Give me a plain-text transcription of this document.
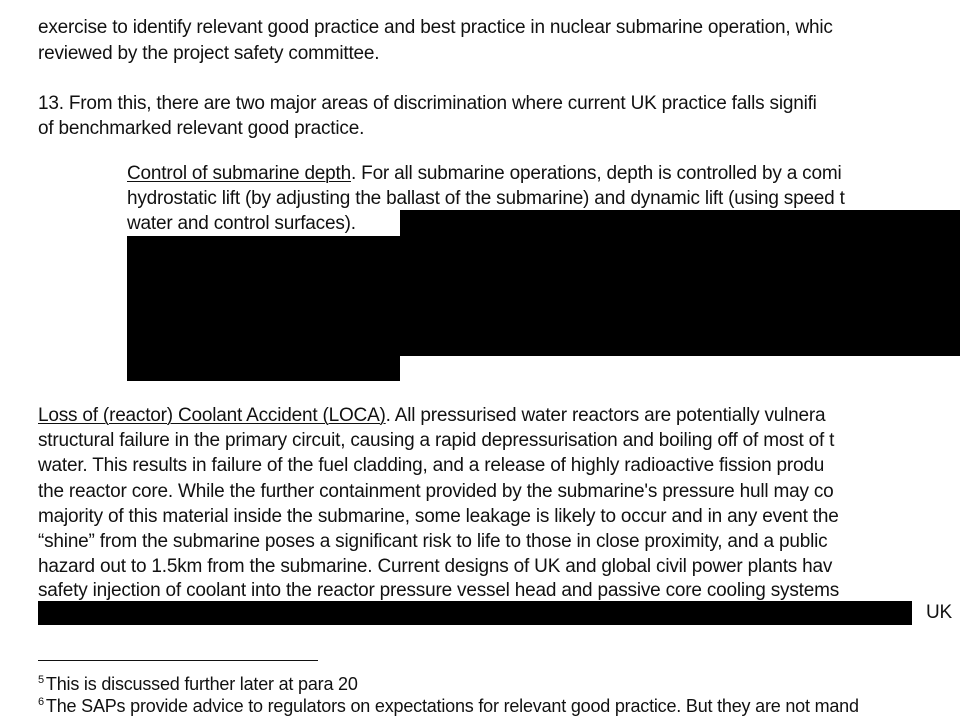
exercise to identify relevant good practice and best practice in nuclear submarine operation, whic
reviewed by the project safety committee.
13. From this, there are two major areas of discrimination where current UK practice falls signifi
of benchmarked relevant good practice.
Control of submarine depth. For all submarine operations, depth is controlled by a comi
hydrostatic lift (by adjusting the ballast of the submarine) and dynamic lift (using speed t
water and control surfaces).
Loss of (reactor) Coolant Accident (LOCA). All pressurised water reactors are potentially vulnera
structural failure in the primary circuit, causing a rapid depressurisation and boiling off of most of t
water. This results in failure of the fuel cladding, and a release of highly radioactive fission produ
the reactor core. While the further containment provided by the submarine's pressure hull may co
majority of this material inside the submarine, some leakage is likely to occur and in any event the
“shine” from the submarine poses a significant risk to life to those in close proximity, and a public
hazard out to 1.5km from the submarine. Current designs of UK and global civil power plants hav
safety injection of coolant into the reactor pressure vessel head and passive core cooling systems
UK
$^5$ This is discussed further later at para 20
$^6$ The SAPs provide advice to regulators on expectations for relevant good practice. But they are not mand
